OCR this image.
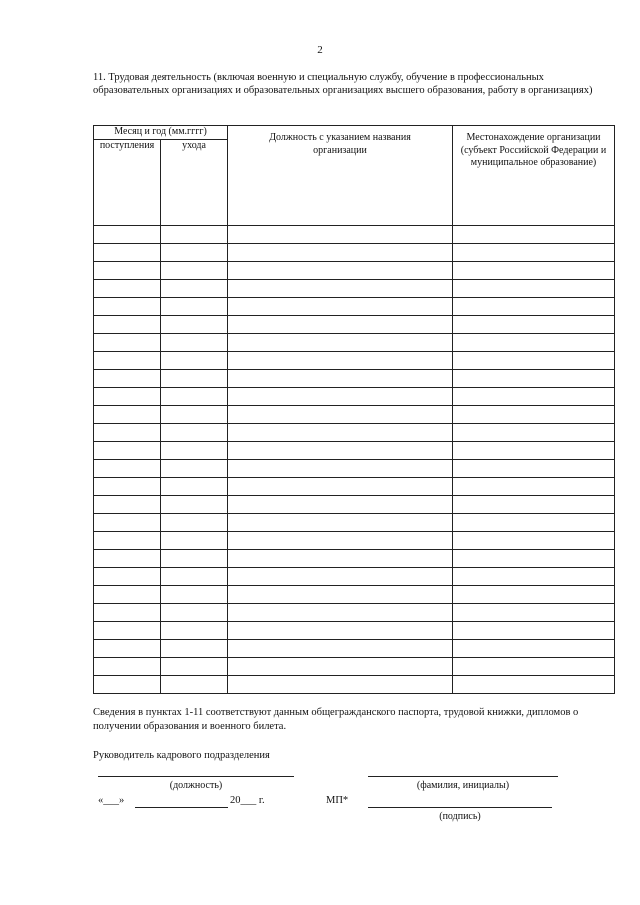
2
11. Трудовая деятельность (включая военную и специальную службу, обучение в профессиональных образовательных организациях и образовательных организациях высшего образования, работу в организациях)
Месяц и год (мм.гггг)		Должность с указанием названия организации	Местонахождение организации (субъект Российской Федерации и муниципальное образование)
поступления	ухода		

Сведения в пунктах 1-11 соответствуют данным общегражданского паспорта, трудовой книжки, дипломов о получении образования и военного билета.
Руководитель кадрового подразделения
(должность)	(фамилия, инициалы)
«___»	20___ г.	МП*
(подпись)
